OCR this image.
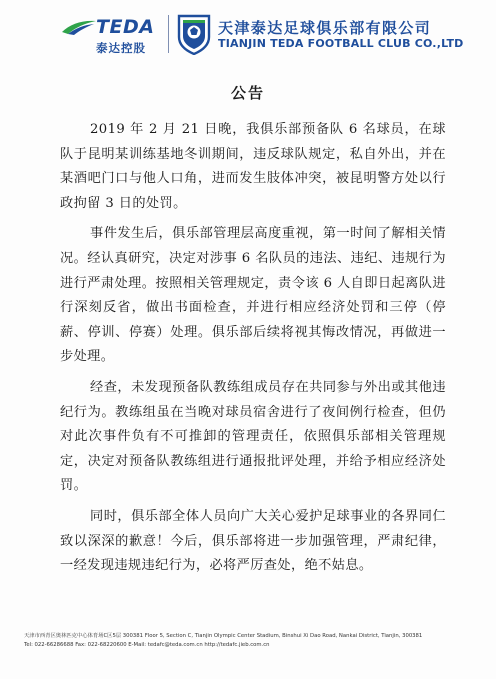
TEDA
泰达控股
天津泰达足球俱乐部有限公司
TIANJIN TEDA FOOTBALL CLUB CO.,LTD
公告

2019 年 2 月 21 日晚，我俱乐部预备队 6 名球员，在球队于昆明某训练基地冬训期间，违反球队规定，私自外出，并在某酒吧门口与他人口角，进而发生肢体冲突，被昆明警方处以行政拘留 3 日的处罚。

事件发生后，俱乐部管理层高度重视，第一时间了解相关情况。经认真研究，决定对涉事 6 名队员的违法、违纪、违规行为进行严肃处理。按照相关管理规定，责令该 6 人自即日起离队进行深刻反省，做出书面检查，并进行相应经济处罚和三停（停薪、停训、停赛）处理。俱乐部后续将视其悔改情况，再做进一步处理。

经查，未发现预备队教练组成员存在共同参与外出或其他违纪行为。教练组虽在当晚对球员宿舍进行了夜间例行检查，但仍对此次事件负有不可推卸的管理责任，依照俱乐部相关管理规定，决定对预备队教练组进行通报批评处理，并给予相应经济处罚。

同时，俱乐部全体人员向广大关心爱护足球事业的各界同仁致以深深的歉意！今后，俱乐部将进一步加强管理，严肃纪律，一经发现违规违纪行为，必将严厉查处，绝不姑息。

天津市西青区奥林匹克中心体育场C区5层 300381 Floor 5, Section C, Tianjin Olympic Center Stadium, Binshui Xi Dao Road, Nankai District, Tianjin, 300381
Tel: 022-66286688 Fax: 022-68220600 E-Mail: tedafc@teda.com.cn http://tedafc.jieb.com.cn
